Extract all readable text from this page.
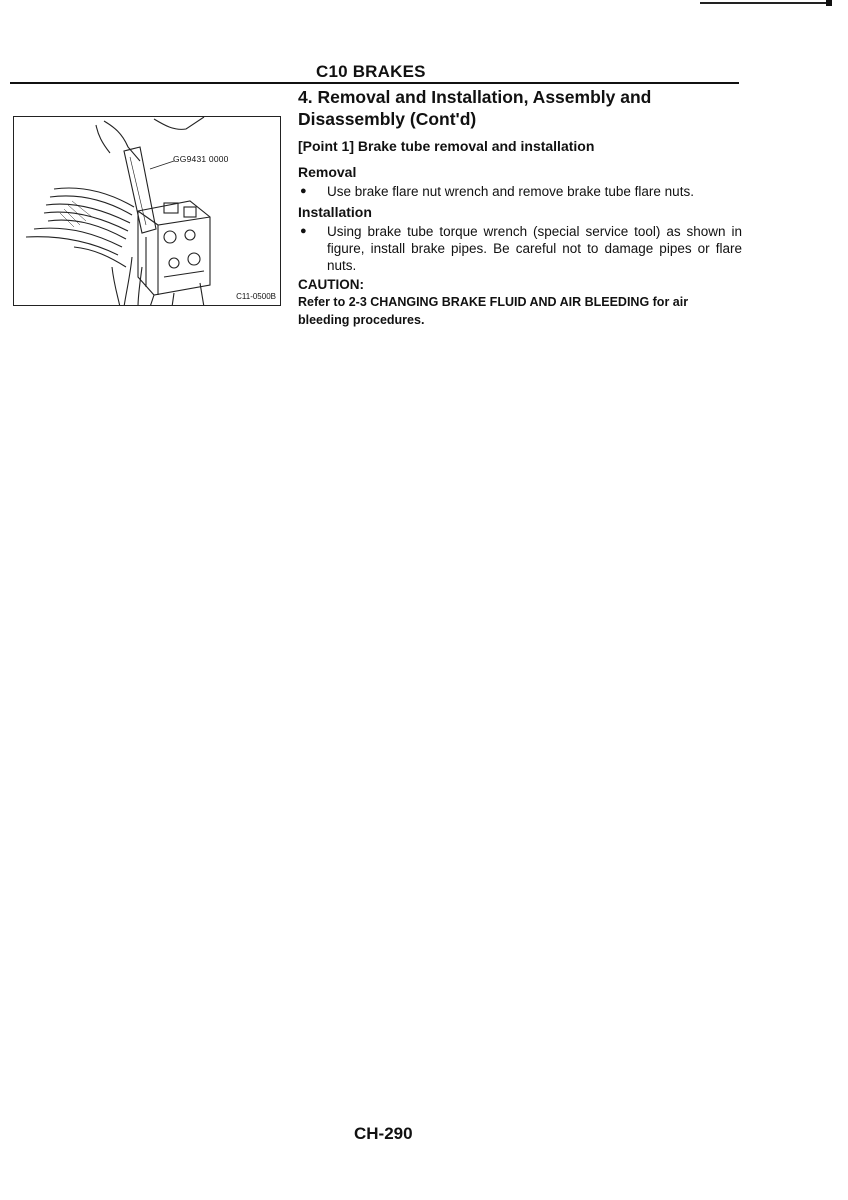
C10 BRAKES
GG9431 0000
C11-0500B
4. Removal and Installation, Assembly and Disassembly (Cont'd)
[Point 1] Brake tube removal and installation
Removal
● Use brake flare nut wrench and remove brake tube flare nuts.
Installation
● Using brake tube torque wrench (special service tool) as shown in figure, install brake pipes. Be careful not to damage pipes or flare nuts.
CAUTION:

Refer to 2-3 CHANGING BRAKE FLUID AND AIR BLEEDING for air bleeding procedures.

CH-290
